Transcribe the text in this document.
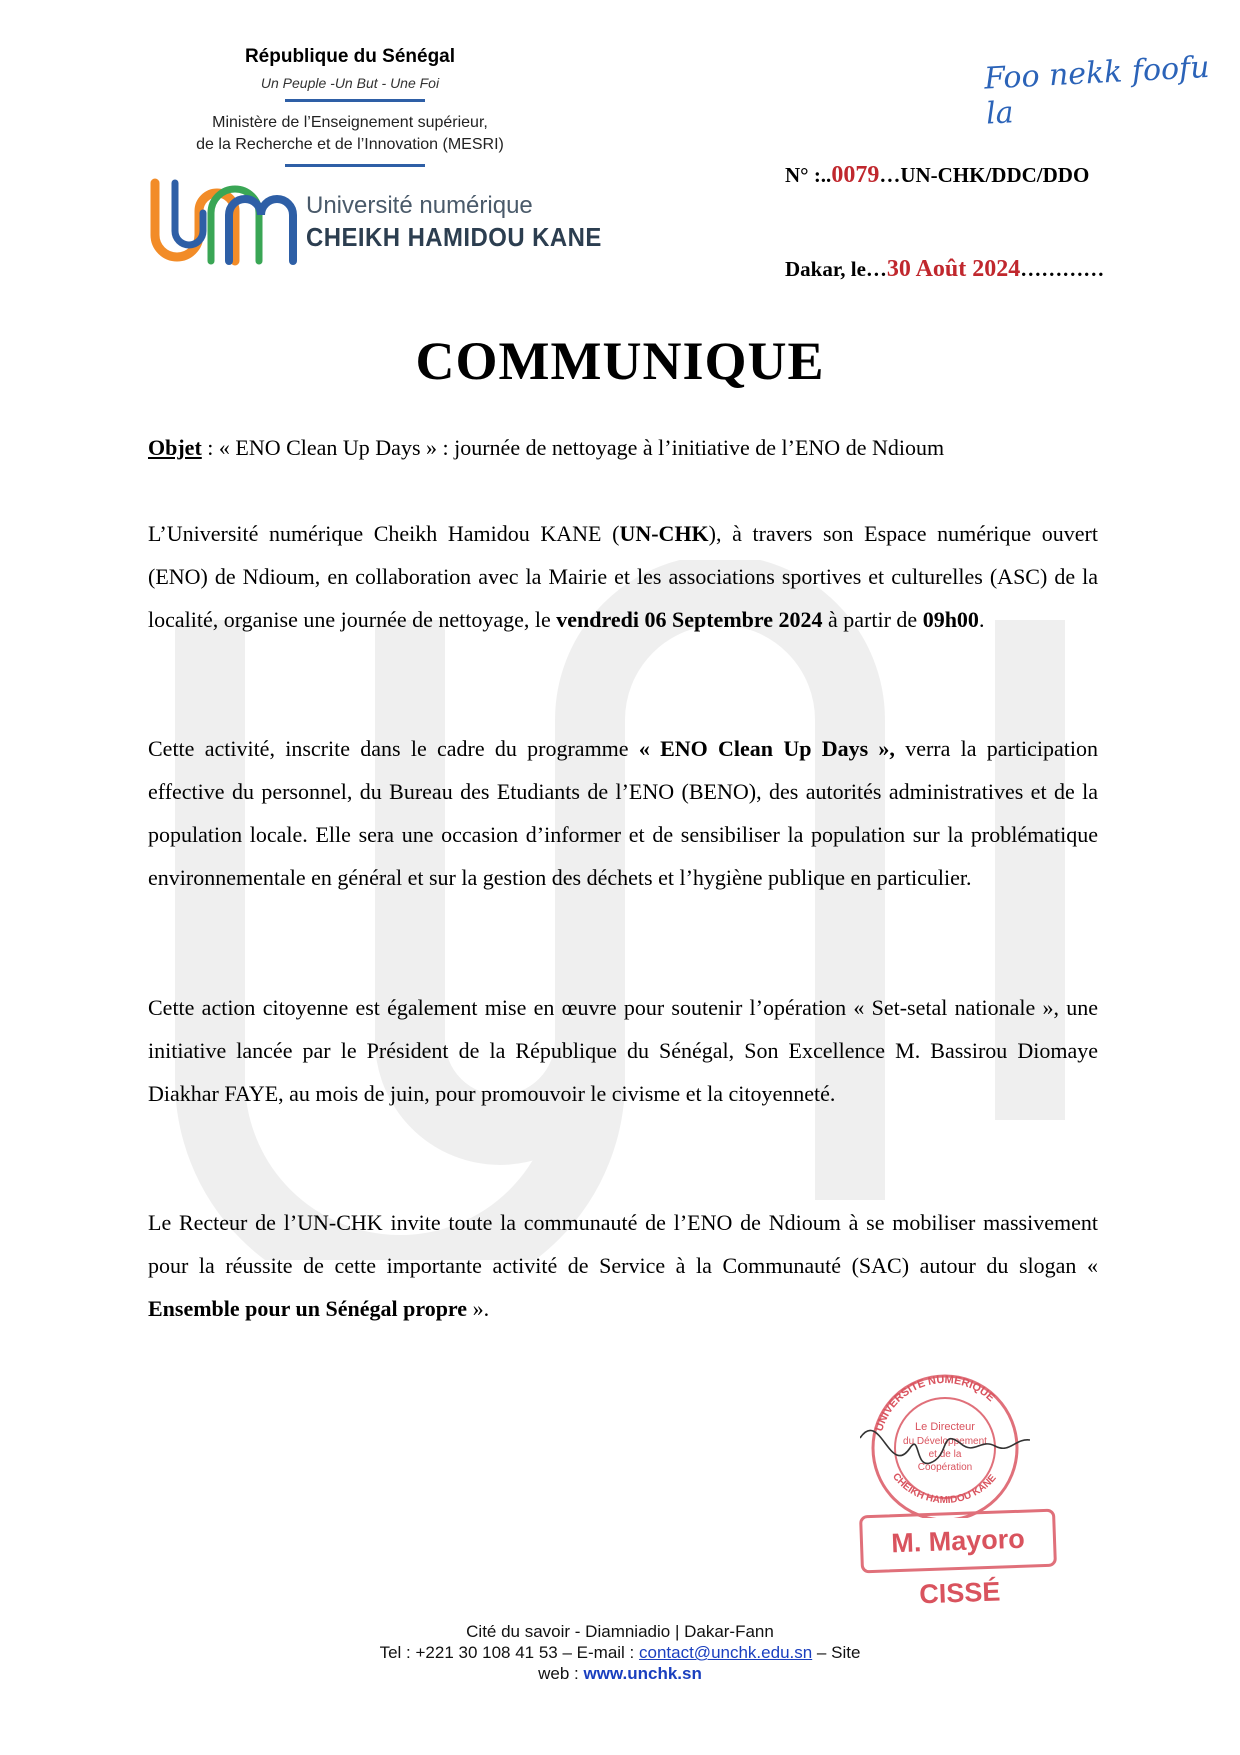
République du Sénégal
Un Peuple -Un But - Une Foi
Ministère de l’Enseignement supérieur,
de la Recherche et de l’Innovation (MESRI)
Université numérique
CHEIKH HAMIDOU KANE
Foo nekk foofu la
N° :..0079…UN-CHK/DDC/DDO
Dakar, le…30 Août 2024…………
COMMUNIQUE
Objet : « ENO Clean Up Days » : journée de nettoyage à l’initiative de l’ENO de Ndioum
L’Université numérique Cheikh Hamidou KANE (UN-CHK), à travers son Espace numérique ouvert (ENO) de Ndioum, en collaboration avec la Mairie et les associations sportives et culturelles (ASC) de la localité, organise une journée de nettoyage, le vendredi 06 Septembre 2024 à partir de 09h00.
Cette activité, inscrite dans le cadre du programme « ENO Clean Up Days », verra la participation effective du personnel, du Bureau des Etudiants de l’ENO (BENO), des autorités administratives et de la population locale. Elle sera une occasion d’informer et de sensibiliser la population sur la problématique environnementale en général et sur la gestion des déchets et l’hygiène publique en particulier.
Cette action citoyenne est également mise en œuvre pour soutenir l’opération « Set-setal nationale », une initiative lancée par le Président de la République du Sénégal, Son Excellence M. Bassirou Diomaye Diakhar FAYE, au mois de juin, pour promouvoir le civisme et la citoyenneté.
Le Recteur de l’UN-CHK invite toute la communauté de l’ENO de Ndioum à se mobiliser massivement pour la réussite de cette importante activité de Service à la Communauté (SAC) autour du slogan « Ensemble pour un Sénégal propre ».
UNIVERSITE NUMERIQUE
CHEIKH HAMIDOU KANE
Le Directeur
du Développement
et de la
Coopération
M. Mayoro CISSÉ
Cité du savoir - Diamniadio | Dakar-Fann
Tel : +221 30 108 41 53 – E-mail : contact@unchk.edu.sn – Site
web : www.unchk.sn
